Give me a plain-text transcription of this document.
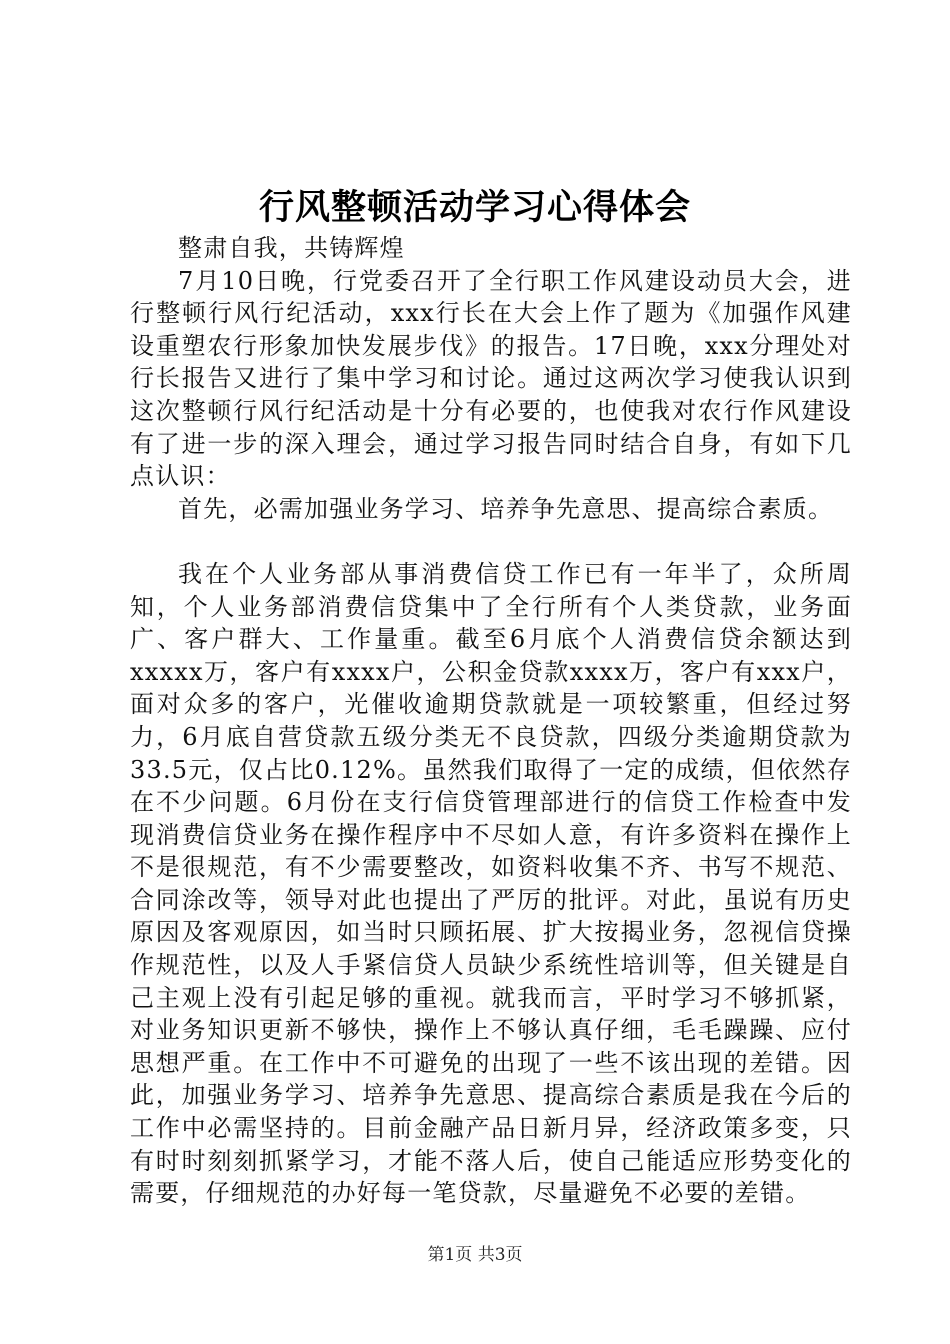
行风整顿活动学习心得体会

整肃自我，共铸辉煌

7月10日晚，行党委召开了全行职工作风建设动员大会，进行整顿行风行纪活动，xxx行长在大会上作了题为《加强作风建设重塑农行形象加快发展步伐》的报告。17日晚，xxx分理处对行长报告又进行了集中学习和讨论。通过这两次学习使我认识到这次整顿行风行纪活动是十分有必要的，也使我对农行作风建设有了进一步的深入理会，通过学习报告同时结合自身，有如下几点认识：

首先，必需加强业务学习、培养争先意思、提高综合素质。

我在个人业务部从事消费信贷工作已有一年半了，众所周知，个人业务部消费信贷集中了全行所有个人类贷款，业务面广、客户群大、工作量重。截至6月底个人消费信贷余额达到xxxxx万，客户有xxxx户，公积金贷款xxxx万，客户有xxx户，面对众多的客户，光催收逾期贷款就是一项较繁重，但经过努力，6月底自营贷款五级分类无不良贷款，四级分类逾期贷款为33.5元，仅占比0.12%。虽然我们取得了一定的成绩，但依然存在不少问题。6月份在支行信贷管理部进行的信贷工作检查中发现消费信贷业务在操作程序中不尽如人意，有许多资料在操作上不是很规范，有不少需要整改，如资料收集不齐、书写不规范、合同涂改等，领导对此也提出了严厉的批评。对此，虽说有历史原因及客观原因，如当时只顾拓展、扩大按揭业务，忽视信贷操作规范性，以及人手紧信贷人员缺少系统性培训等，但关键是自己主观上没有引起足够的重视。就我而言，平时学习不够抓紧，对业务知识更新不够快，操作上不够认真仔细，毛毛躁躁、应付思想严重。在工作中不可避免的出现了一些不该出现的差错。因此，加强业务学习、培养争先意思、提高综合素质是我在今后的工作中必需坚持的。目前金融产品日新月异，经济政策多变，只有时时刻刻抓紧学习，才能不落人后，使自己能适应形势变化的需要，仔细规范的办好每一笔贷款，尽量避免不必要的差错。

第1页 共3页
